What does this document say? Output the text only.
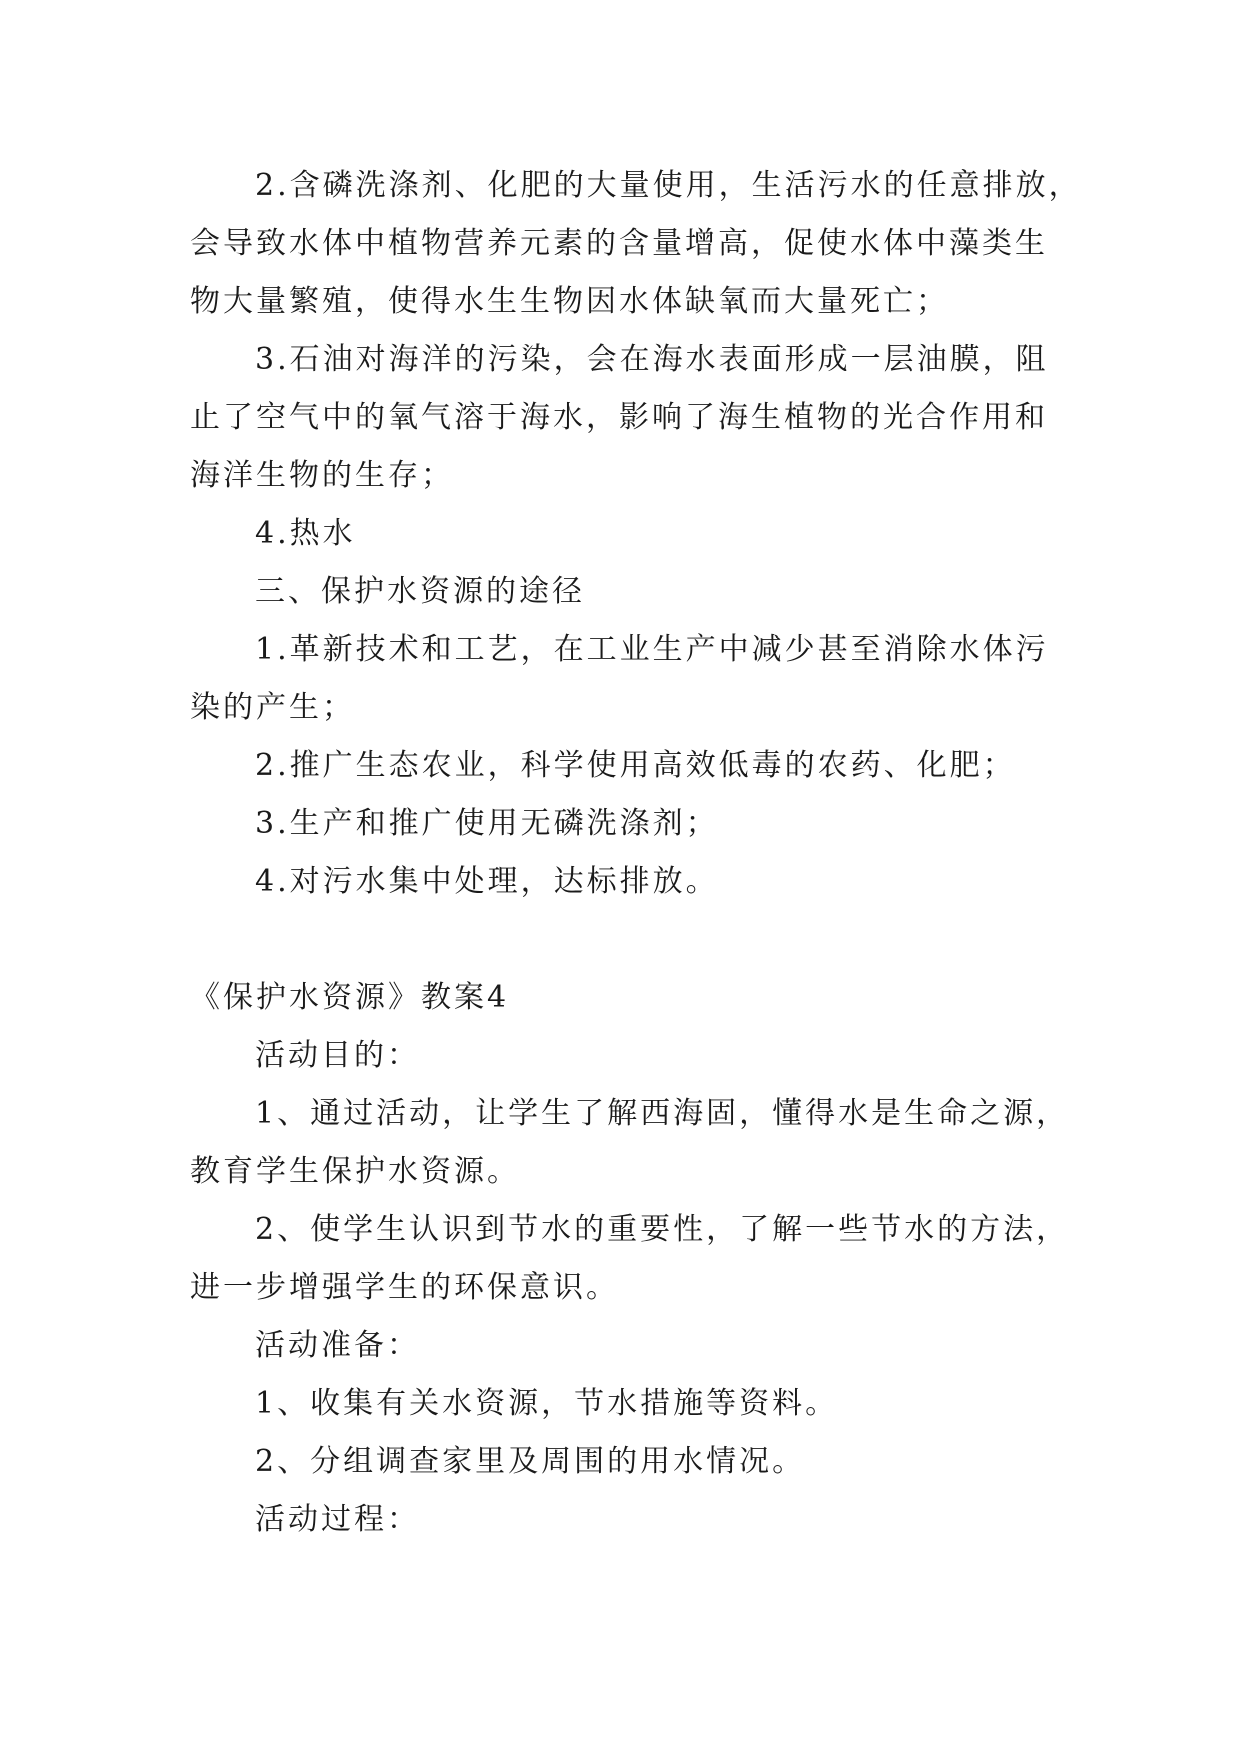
2.含磷洗涤剂、化肥的大量使用，生活污水的任意排放，
会导致水体中植物营养元素的含量增高，促使水体中藻类生
物大量繁殖，使得水生生物因水体缺氧而大量死亡；
3.石油对海洋的污染，会在海水表面形成一层油膜，阻
止了空气中的氧气溶于海水，影响了海生植物的光合作用和
海洋生物的生存；
4.热水
三、保护水资源的途径
1.革新技术和工艺，在工业生产中减少甚至消除水体污
染的产生；
2.推广生态农业，科学使用高效低毒的农药、化肥；
3.生产和推广使用无磷洗涤剂；
4.对污水集中处理，达标排放。
《保护水资源》教案4
活动目的：
1、通过活动，让学生了解西海固，懂得水是生命之源，
教育学生保护水资源。
2、使学生认识到节水的重要性，了解一些节水的方法，
进一步增强学生的环保意识。
活动准备：
1、收集有关水资源，节水措施等资料。
2、分组调查家里及周围的用水情况。
活动过程：
